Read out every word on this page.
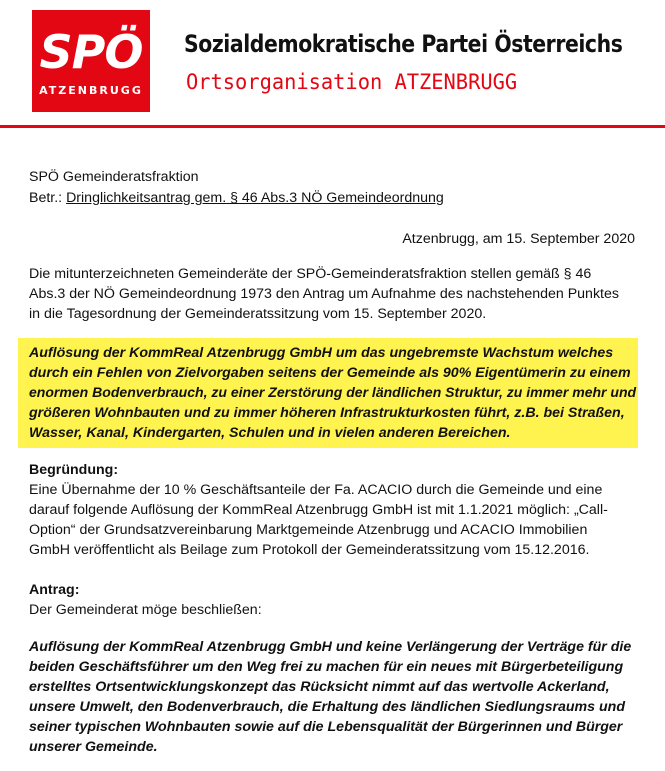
SPÖ
ATZENBRUGG
Sozialdemokratische Partei Österreichs
Ortsorganisation ATZENBRUGG
SPÖ Gemeinderatsfraktion
Betr.: Dringlichkeitsantrag gem. § 46 Abs.3 NÖ Gemeindeordnung
Atzenbrugg, am 15. September 2020
Die mitunterzeichneten Gemeinderäte der SPÖ-Gemeinderatsfraktion stellen gemäß § 46
Abs.3 der NÖ Gemeindeordnung 1973 den Antrag um Aufnahme des nachstehenden Punktes
in die Tagesordnung der Gemeinderatssitzung vom 15. September 2020.
Auflösung der KommReal Atzenbrugg GmbH um das ungebremste Wachstum welches
durch ein Fehlen von Zielvorgaben seitens der Gemeinde als 90% Eigentümerin zu einem
enormen Bodenverbrauch, zu einer Zerstörung der ländlichen Struktur, zu immer mehr und
größeren Wohnbauten und zu immer höheren Infrastrukturkosten führt, z.B. bei Straßen,
Wasser, Kanal, Kindergarten, Schulen und in vielen anderen Bereichen.
Begründung:
Eine Übernahme der 10 % Geschäftsanteile der Fa. ACACIO durch die Gemeinde und eine
darauf folgende Auflösung der KommReal Atzenbrugg GmbH ist mit 1.1.2021 möglich: „Call-
Option“ der Grundsatzvereinbarung Marktgemeinde Atzenbrugg und ACACIO Immobilien
GmbH veröffentlicht als Beilage zum Protokoll der Gemeinderatssitzung vom 15.12.2016.
Antrag:
Der Gemeinderat möge beschließen:
Auflösung der KommReal Atzenbrugg GmbH und keine Verlängerung der Verträge für die
beiden Geschäftsführer um den Weg frei zu machen für ein neues mit Bürgerbeteiligung
erstelltes Ortsentwicklungskonzept das Rücksicht nimmt auf das wertvolle Ackerland,
unsere Umwelt, den Bodenverbrauch, die Erhaltung des ländlichen Siedlungsraums und
seiner typischen Wohnbauten sowie auf die Lebensqualität der Bürgerinnen und Bürger
unserer Gemeinde.
